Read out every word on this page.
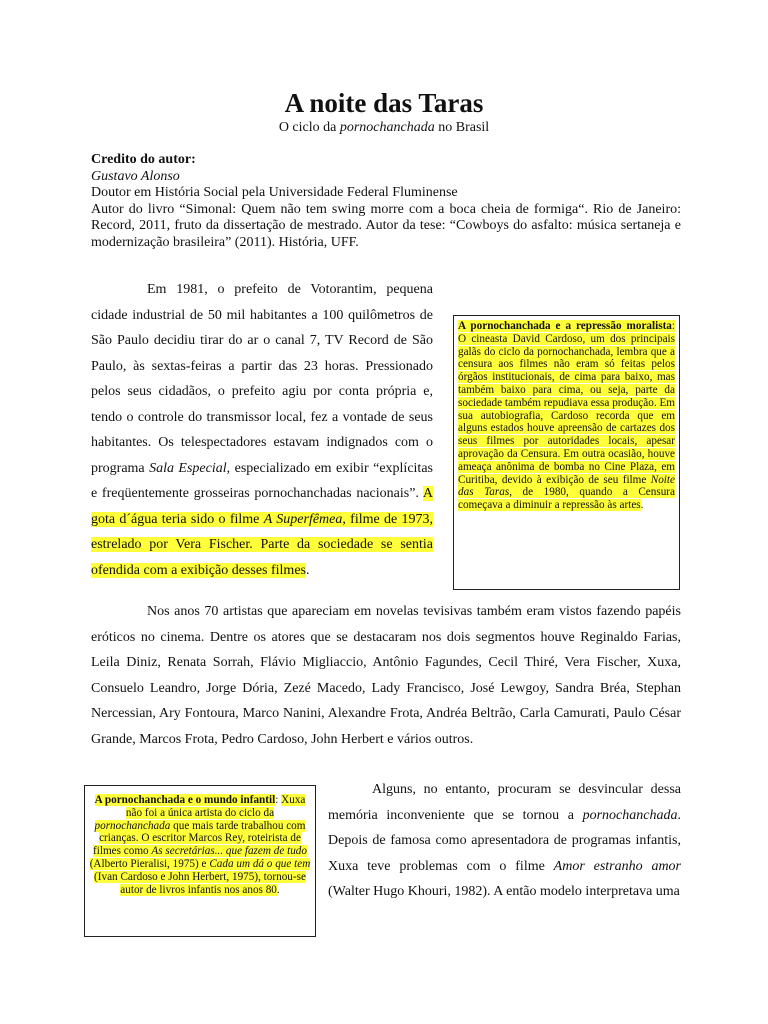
A noite das Taras
O ciclo da pornochanchada no Brasil
Credito do autor:
Gustavo Alonso
Doutor em História Social pela Universidade Federal Fluminense
Autor do livro “Simonal: Quem não tem swing morre com a boca cheia de formiga“. Rio de Janeiro: Record, 2011, fruto da dissertação de mestrado. Autor da tese: “Cowboys do asfalto: música sertaneja e modernização brasileira” (2011). História, UFF.
A pornochanchada e a repressão moralista: O cineasta David Cardoso, um dos principais galãs do ciclo da pornochanchada, lembra que a censura aos filmes não eram só feitas pelos órgãos institucionais, de cima para baixo, mas também baixo para cima, ou seja, parte da sociedade também repudiava essa produção. Em sua autobiografia, Cardoso recorda que em alguns estados houve apreensão de cartazes dos seus filmes por autoridades locais, apesar aprovação da Censura. Em outra ocasião, houve ameaça anônima de bomba no Cine Plaza, em Curitiba, devido à exibição de seu filme Noite das Taras, de 1980, quando a Censura começava a diminuir a repressão às artes.
Em 1981, o prefeito de Votorantim, pequena cidade industrial de 50 mil habitantes a 100 quilômetros de São Paulo decidiu tirar do ar o canal 7, TV Record de São Paulo, às sextas-feiras a partir das 23 horas. Pressionado pelos seus cidadãos, o prefeito agiu por conta própria e, tendo o controle do transmissor local, fez a vontade de seus habitantes. Os telespectadores estavam indignados com o programa Sala Especial, especializado em exibir “explícitas e freqüentemente grosseiras pornochanchadas nacionais”. A gota d´água teria sido o filme A Superfêmea, filme de 1973, estrelado por Vera Fischer. Parte da sociedade se sentia ofendida com a exibição desses filmes.
Nos anos 70 artistas que apareciam em novelas tevisivas também eram vistos fazendo papéis eróticos no cinema. Dentre os atores que se destacaram nos dois segmentos houve Reginaldo Farias, Leila Diniz, Renata Sorrah, Flávio Migliaccio, Antônio Fagundes, Cecil Thiré, Vera Fischer, Xuxa, Consuelo Leandro, Jorge Dória, Zezé Macedo, Lady Francisco, José Lewgoy, Sandra Bréa, Stephan Nercessian, Ary Fontoura, Marco Nanini, Alexandre Frota, Andréa Beltrão, Carla Camurati, Paulo César Grande, Marcos Frota, Pedro Cardoso, John Herbert e vários outros.
A pornochanchada e o mundo infantil: Xuxa não foi a única artista do ciclo da pornochanchada que mais tarde trabalhou com crianças. O escritor Marcos Rey, roteirista de filmes como As secretárias... que fazem de tudo (Alberto Pieralisi, 1975) e Cada um dá o que tem (Ivan Cardoso e John Herbert, 1975), tornou-se autor de livros infantis nos anos 80.
Alguns, no entanto, procuram se desvincular dessa memória inconveniente que se tornou a pornochanchada. Depois de famosa como apresentadora de programas infantis, Xuxa teve problemas com o filme Amor estranho amor (Walter Hugo Khouri, 1982). A então modelo interpretava uma
